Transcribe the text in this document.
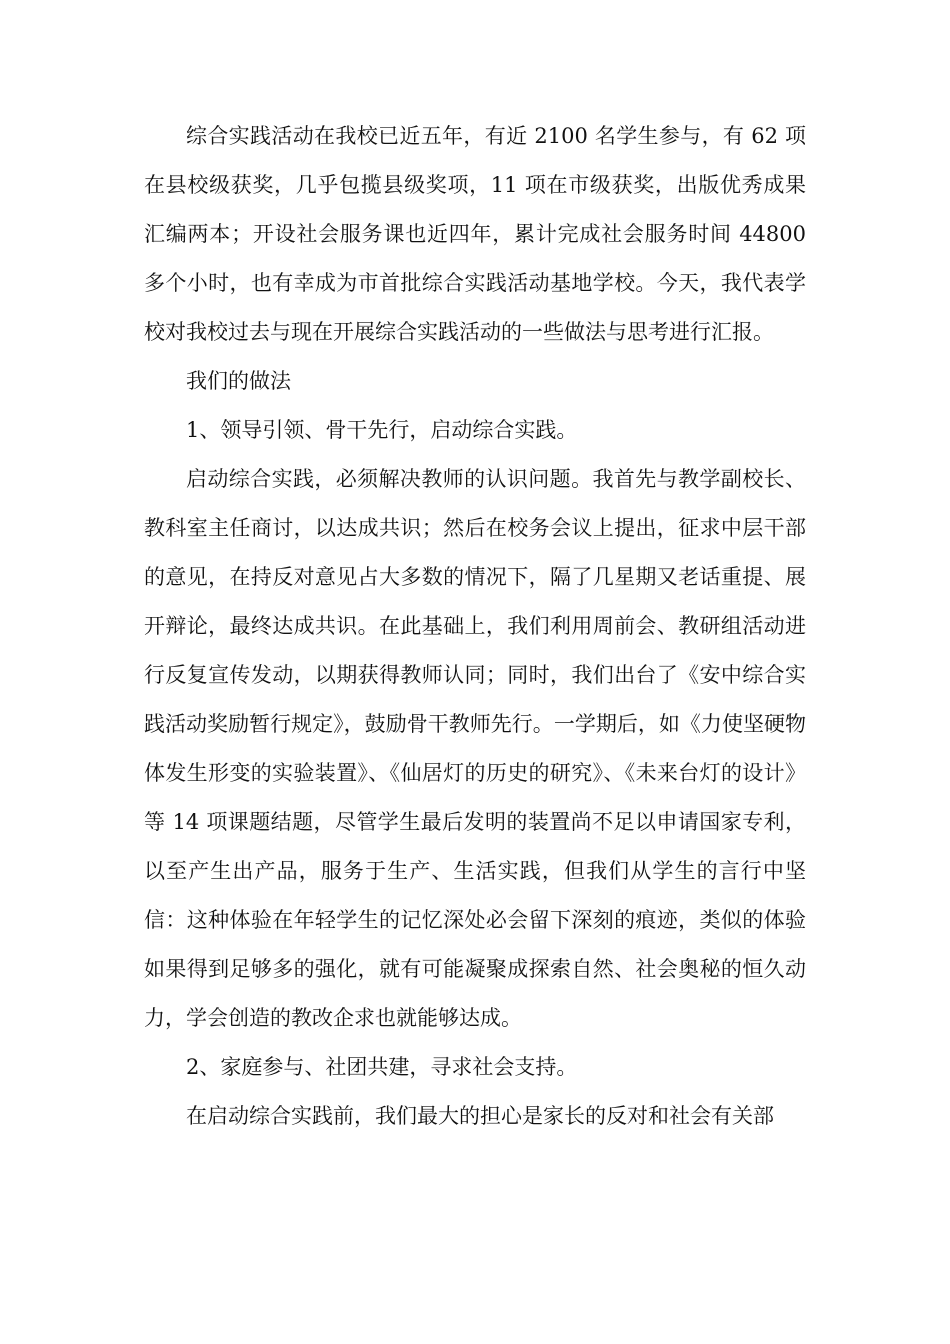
综合实践活动在我校已近五年，有近 2100 名学生参与，有 62 项在县校级获奖，几乎包揽县级奖项，11 项在市级获奖，出版优秀成果汇编两本；开设社会服务课也近四年，累计完成社会服务时间 44800 多个小时，也有幸成为市首批综合实践活动基地学校。今天，我代表学校对我校过去与现在开展综合实践活动的一些做法与思考进行汇报。

我们的做法

1、领导引领、骨干先行，启动综合实践。

启动综合实践，必须解决教师的认识问题。我首先与教学副校长、教科室主任商讨，以达成共识；然后在校务会议上提出，征求中层干部的意见，在持反对意见占大多数的情况下，隔了几星期又老话重提、展开辩论，最终达成共识。在此基础上，我们利用周前会、教研组活动进行反复宣传发动，以期获得教师认同；同时，我们出台了《安中综合实践活动奖励暂行规定》，鼓励骨干教师先行。一学期后，如《力使坚硬物体发生形变的实验装置》、《仙居灯的历史的研究》、《未来台灯的设计》等 14 项课题结题，尽管学生最后发明的装置尚不足以申请国家专利，以至产生出产品，服务于生产、生活实践，但我们从学生的言行中坚信：这种体验在年轻学生的记忆深处必会留下深刻的痕迹，类似的体验如果得到足够多的强化，就有可能凝聚成探索自然、社会奥秘的恒久动力，学会创造的教改企求也就能够达成。

2、家庭参与、社团共建，寻求社会支持。

在启动综合实践前，我们最大的担心是家长的反对和社会有关部
